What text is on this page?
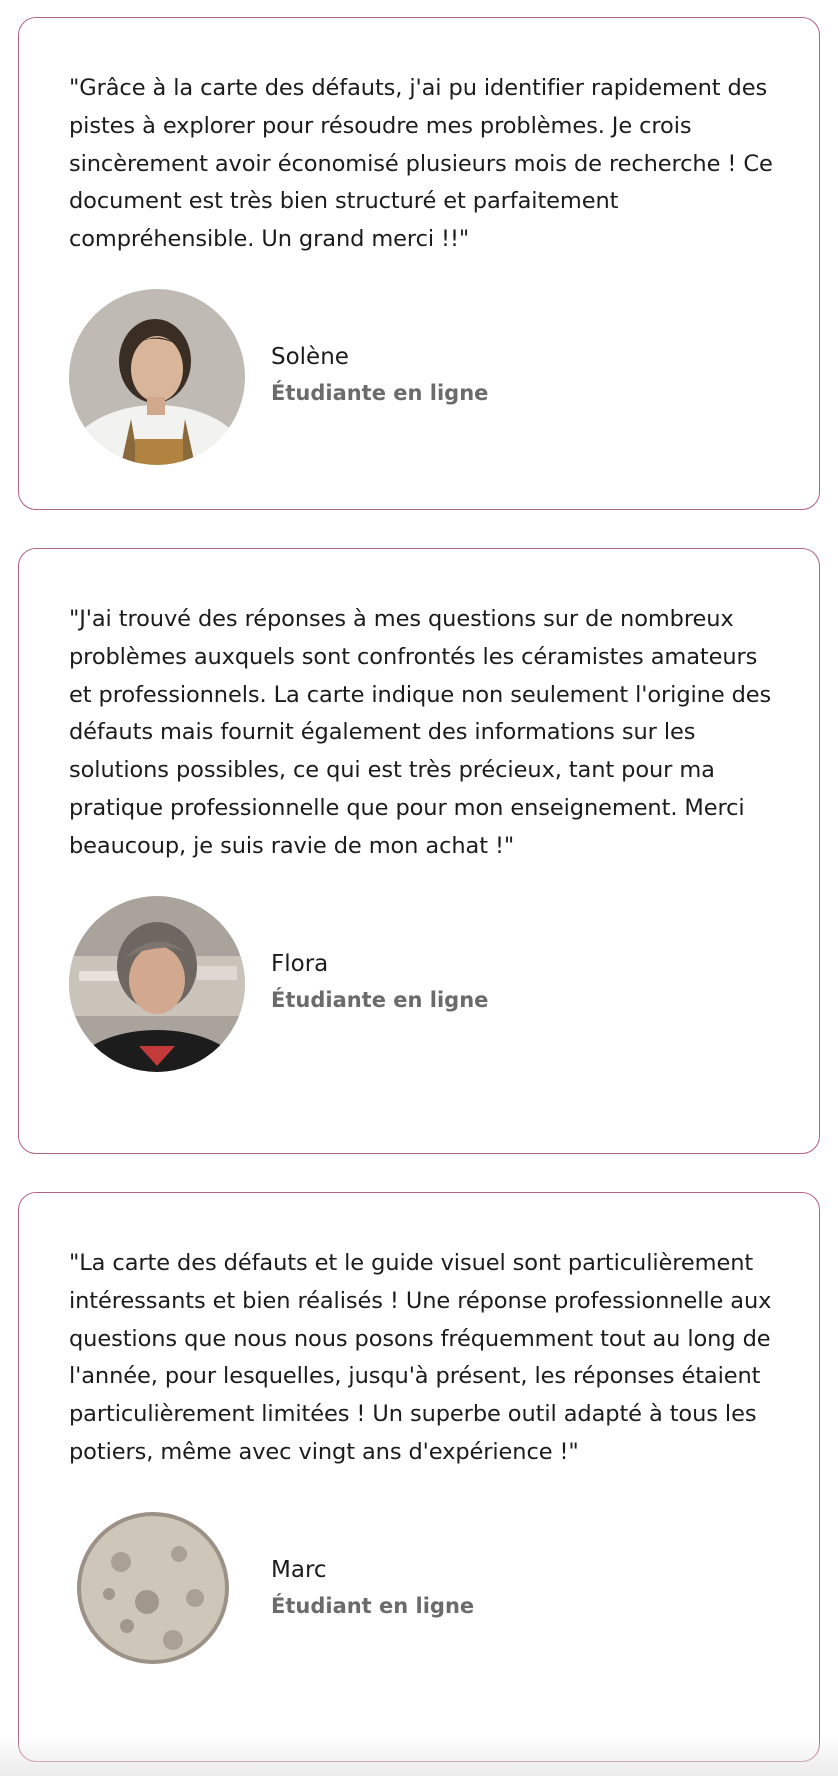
"Grâce à la carte des défauts, j'ai pu identifier rapidement des pistes à explorer pour résoudre mes problèmes. Je crois sincèrement avoir économisé plusieurs mois de recherche ! Ce document est très bien structuré et parfaitement compréhensible. Un grand merci !!"

Solène
Étudiante en ligne

"J'ai trouvé des réponses à mes questions sur de nombreux problèmes auxquels sont confrontés les céramistes amateurs et professionnels. La carte indique non seulement l'origine des défauts mais fournit également des informations sur les solutions possibles, ce qui est très précieux, tant pour ma pratique professionnelle que pour mon enseignement. Merci beaucoup, je suis ravie de mon achat !"

Flora
Étudiante en ligne

"La carte des défauts et le guide visuel sont particulièrement intéressants et bien réalisés ! Une réponse professionnelle aux questions que nous nous posons fréquemment tout au long de l'année, pour lesquelles, jusqu'à présent, les réponses étaient particulièrement limitées ! Un superbe outil adapté à tous les potiers, même avec vingt ans d'expérience !"

Marc
Étudiant en ligne
